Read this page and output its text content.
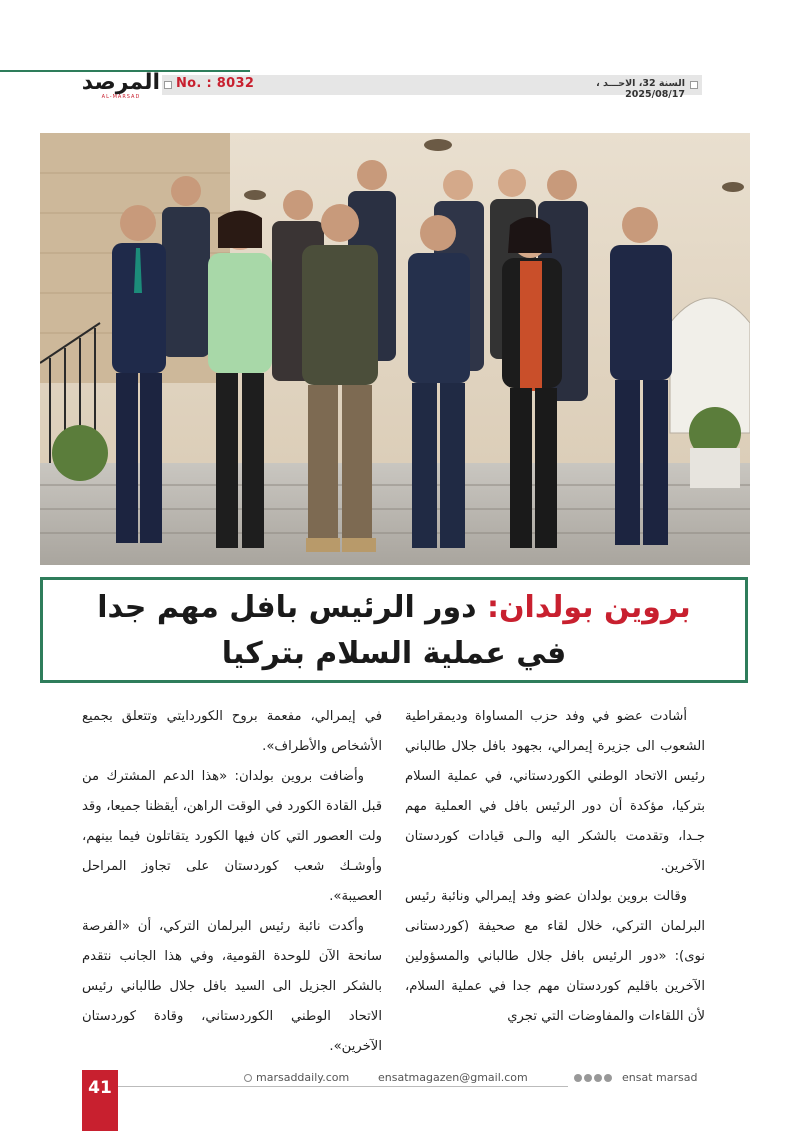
No. : 8032	السنة 32، الاحـــد ، 2025/08/17
المرصد
AL-MARSAD
بروين بولدان: دور الرئيس بافل مهم جدا
في عملية السلام بتركيا

أشادت عضو في وفد حزب المساواة وديمقراطية الشعوب الى جزيرة إيمرالي، بجهود بافل جلال طالباني رئيس الاتحاد الوطني الكوردستاني، في عملية السلام بتركيا، مؤكدة أن دور الرئيس بافل في العملية مهم جـدا، وتقدمت بالشكر اليه والـى قيادات كوردستان الآخرين.

وقالت بروين بولدان عضو وفد إيمرالي ونائبة رئيس البرلمان التركي، خلال لقاء مع صحيفة (كوردستانى نوى): «دور الرئيس بافل جلال طالباني والمسؤولين الآخرين باقليم كوردستان مهم جدا في عملية السلام، لأن اللقاءات والمفاوضات التي تجري

في إيمرالي، مفعمة بروح الكوردايتي وتتعلق بجميع الأشخاص والأطراف».

وأضافت بروين بولدان: «هذا الدعم المشترك من قبل القادة الكورد في الوقت الراهن، أيقظنا جميعا، وقد ولت العصور التي كان فيها الكورد يتقاتلون فيما بينهم، وأوشـك شعب كوردستان على تجاوز المراحل العصيبة».

وأكدت نائبة رئيس البرلمان التركي، أن «الفرصة سانحة الآن للوحدة القومية، وفي هذا الجانب نتقدم بالشكر الجزيل الى السيد بافل جلال طالباني رئيس الاتحاد الوطني الكوردستاني، وقادة كوردستان الآخرين».

41
marsaddaily.com	ensatmagazen@gmail.com	ensat marsad
